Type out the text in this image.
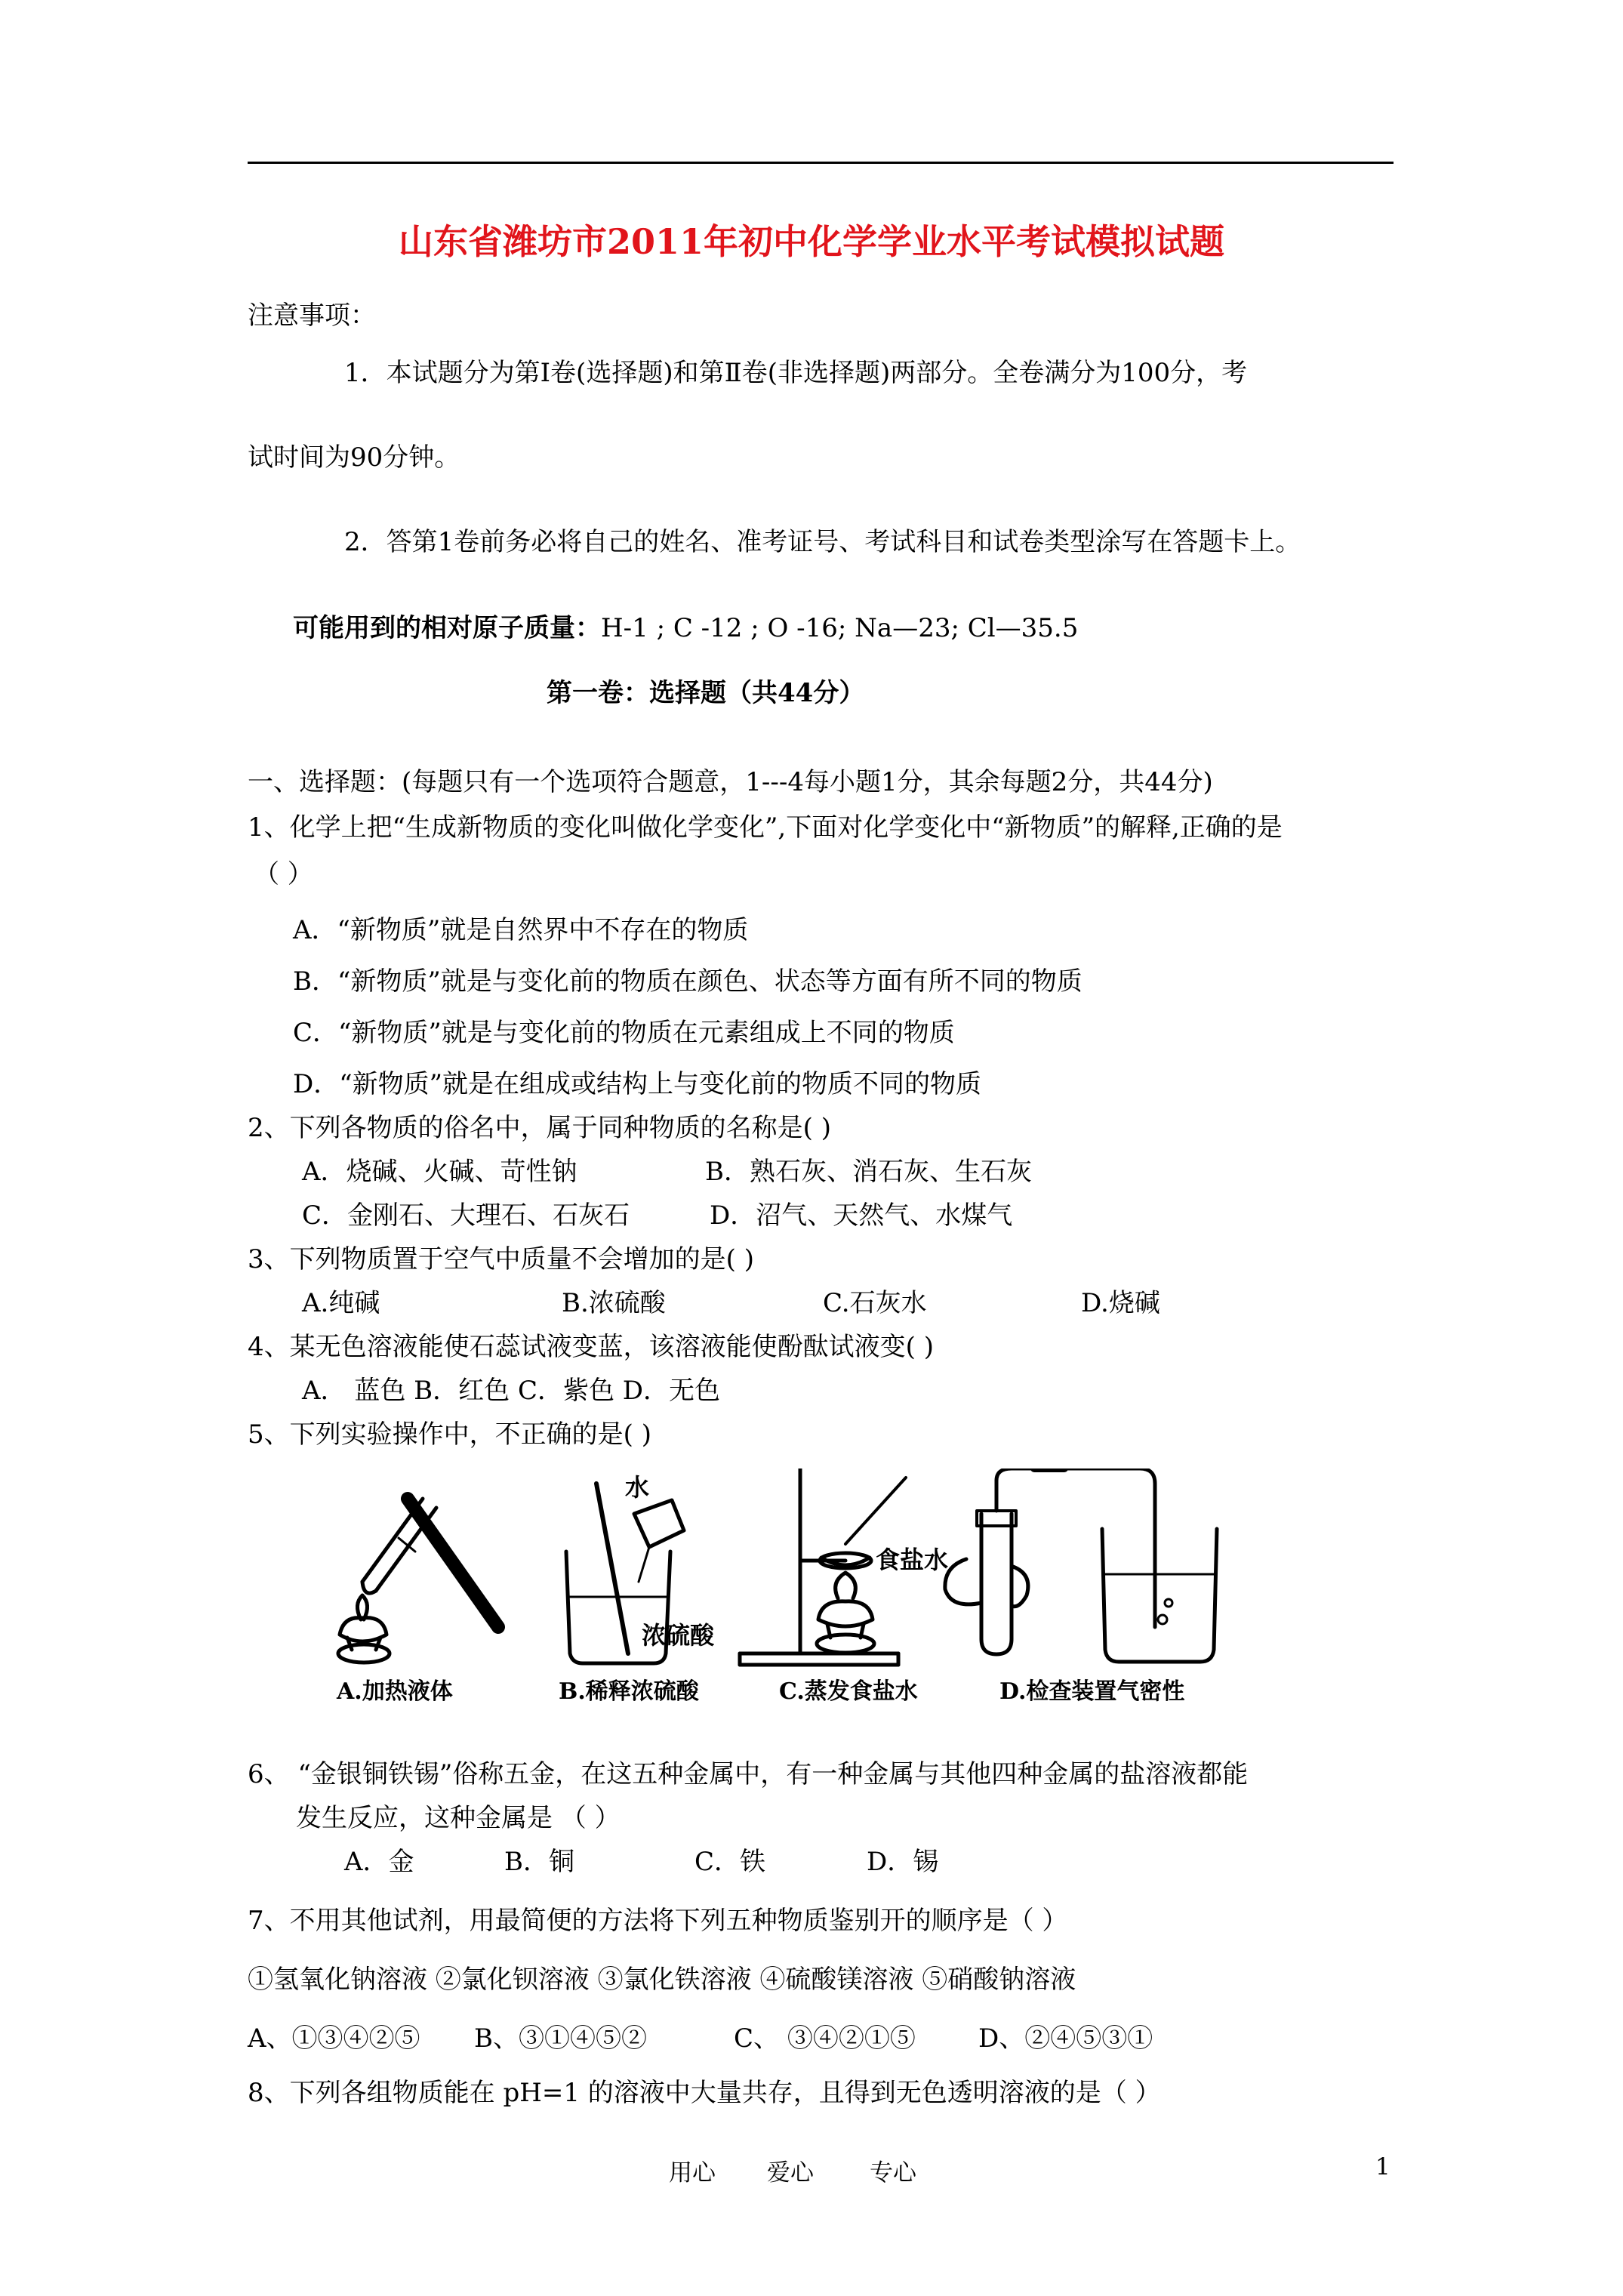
山东省潍坊市2011年初中化学学业水平考试模拟试题
注意事项：
1．本试题分为第Ⅰ卷(选择题)和第Ⅱ卷(非选择题)两部分。全卷满分为100分，考
试时间为90分钟。
2．答第1卷前务必将自己的姓名、准考证号、考试科目和试卷类型涂写在答题卡上。
可能用到的相对原子质量：H-1 ; C -12 ; O -16; Na—23; Cl—35.5
第一卷：选择题（共44分）
一、选择题：(每题只有一个选项符合题意，1---4每小题1分，其余每题2分，共44分)
1、化学上把“生成新物质的变化叫做化学变化”,下面对化学变化中“新物质”的解释,正确的是
（ ）
A．“新物质”就是自然界中不存在的物质
B．“新物质”就是与变化前的物质在颜色、状态等方面有所不同的物质
C．“新物质”就是与变化前的物质在元素组成上不同的物质
D．“新物质”就是在组成或结构上与变化前的物质不同的物质
2、下列各物质的俗名中，属于同种物质的名称是( )
A．烧碱、火碱、苛性钠	B．熟石灰、消石灰、生石灰
C．金刚石、大理石、石灰石	D．沼气、天然气、水煤气
3、下列物质置于空气中质量不会增加的是( )
A.纯碱	B.浓硫酸	C.石灰水	D.烧碱
4、某无色溶液能使石蕊试液变蓝，该溶液能使酚酞试液变( )
A． 蓝色 B．红色 C．紫色 D．无色
5、下列实验操作中，不正确的是( )
水
浓硫酸
食盐水
A.加热液体	B.稀释浓硫酸	C.蒸发食盐水	D.检查装置气密性
6、 “金银铜铁锡”俗称五金，在这五种金属中，有一种金属与其他四种金属的盐溶液都能
发生反应，这种金属是 （ ）
A．金	B．铜	C．铁	D．锡
7、不用其他试剂，用最简便的方法将下列五种物质鉴别开的顺序是（ ）
①氢氧化钠溶液 ②氯化钡溶液 ③氯化铁溶液 ④硫酸镁溶液 ⑤硝酸钠溶液
A、①③④②⑤ B、③①④⑤②	C、 ③④②①⑤ D、②④⑤③①
8、下列各组物质能在 pH=1 的溶液中大量共存，且得到无色透明溶液的是（ ）
用心 爱心 专心	1
